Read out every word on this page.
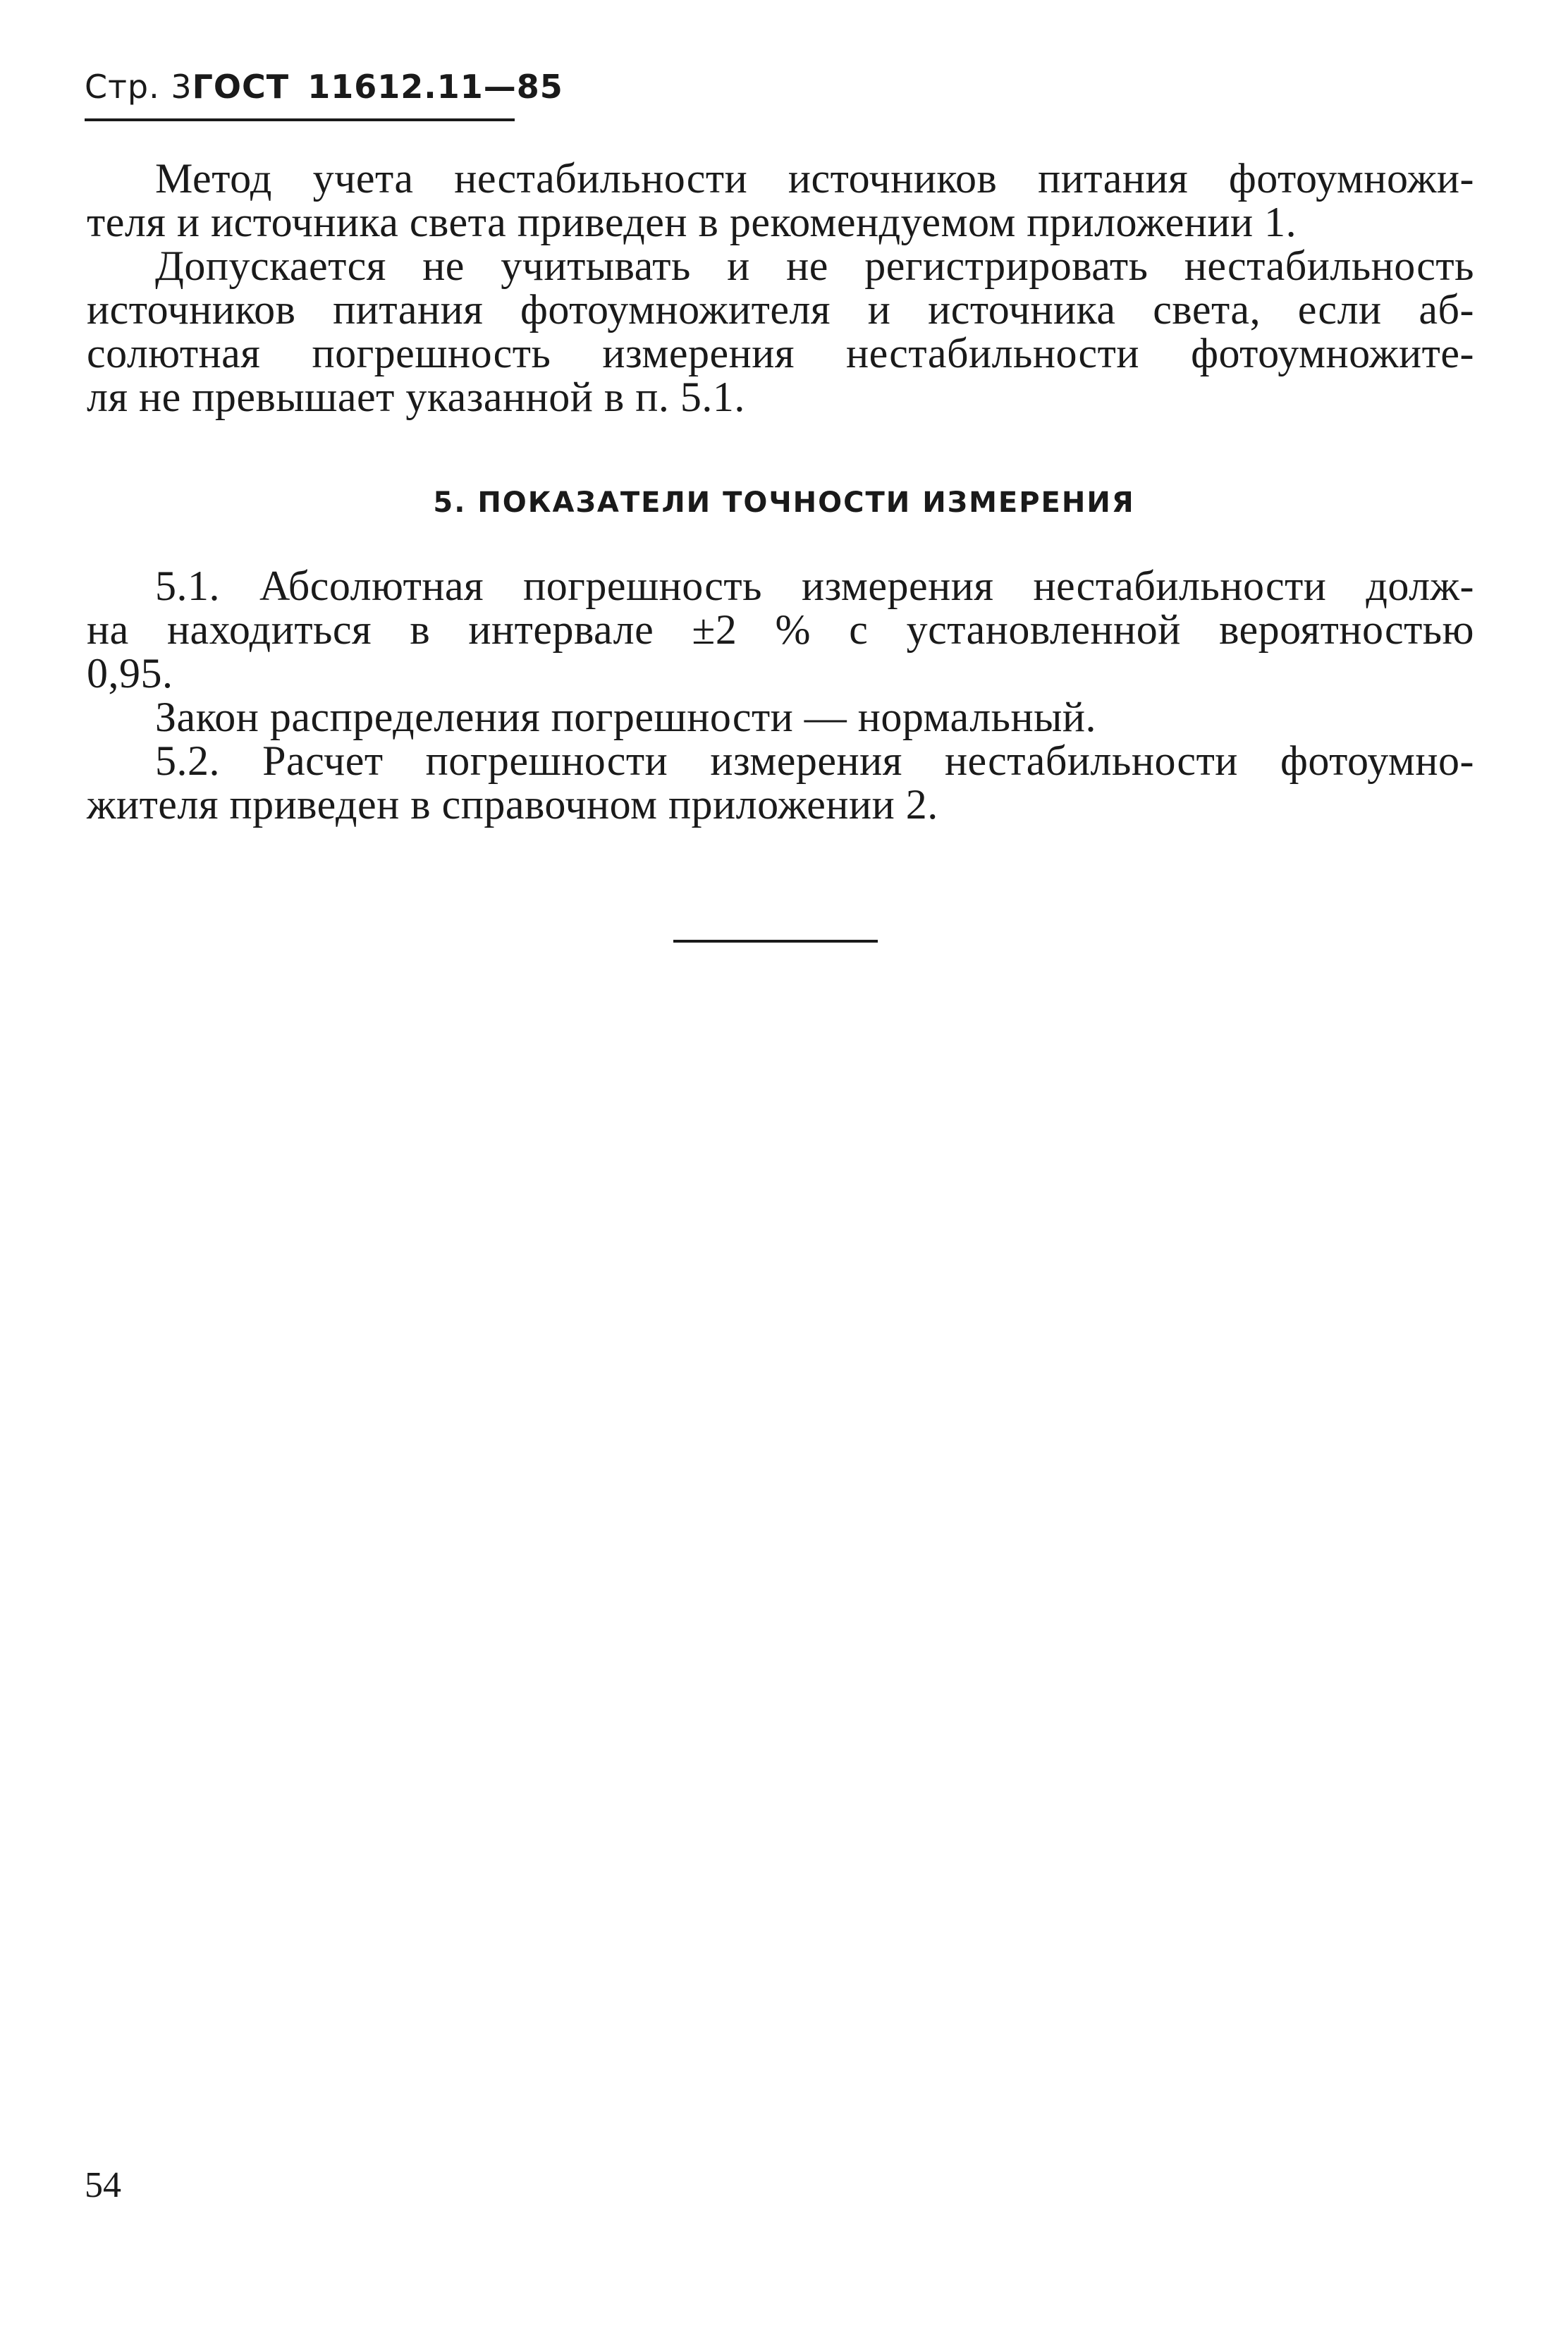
Стр. 3ГОСТ 11612.11—85

Метод учета нестабильности источников питания фотоумножи-
теля и источника света приведен в рекомендуемом приложении 1.

Допускается не учитывать и не регистрировать нестабильность
источников питания фотоумножителя и источника света, если аб-
солютная погрешность измерения нестабильности фотоумножите-
ля не превышает указанной в п. 5.1.

5. ПОКАЗАТЕЛИ ТОЧНОСТИ ИЗМЕРЕНИЯ

5.1. Абсолютная погрешность измерения нестабильности долж-
на находиться в интервале ±2 % с установленной вероятностью
0,95.

Закон распределения погрешности — нормальный.

5.2. Расчет погрешности измерения нестабильности фотоумно-
жителя приведен в справочном приложении 2.

54
